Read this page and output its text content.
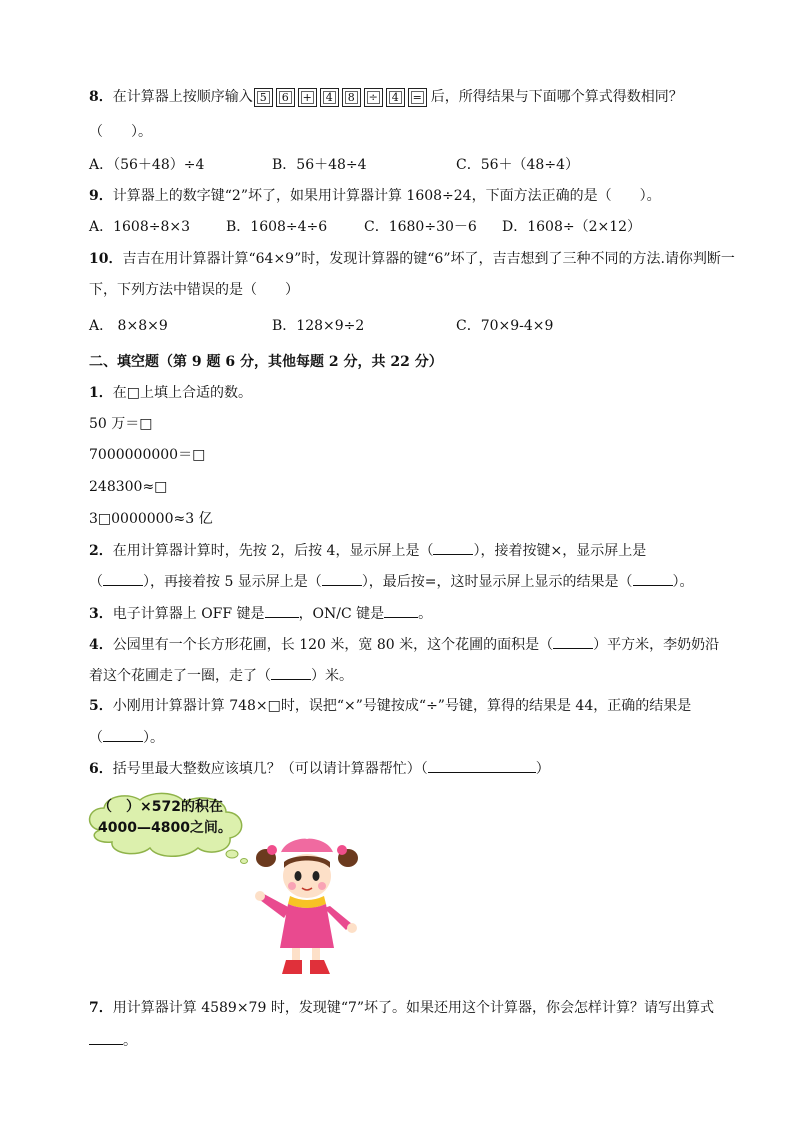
8．在计算器上按顺序输入 5	6	+	4	8	÷	4	= 后，所得结果与下面哪个算式得数相同？
（　　）。
A．（56＋48）÷4	B．56＋48÷4	C．56＋（48÷4）
9．计算器上的数字键“2”坏了，如果用计算器计算 1608÷24，下面方法正确的是（　　）。
A．1608÷8×3	B．1608÷4÷6	C．1680÷30－6 D．1608÷（2×12）
10．吉吉在用计算器计算“64×9”时，发现计算器的键“6”坏了，吉吉想到了三种不同的方法.请你判断一
下，下列方法中错误的是（　　）
A． 8×8×9	B．128×9÷2	C．70×9-4×9
二、填空题（第 9 题 6 分，其他每题 2 分，共 22 分）
1．在□上填上合适的数。
50 万＝□
7000000000＝□
248300≈□
3□0000000≈3 亿
2．在用计算器计算时，先按 2，后按 4，显示屏上是（	），接着按键×，显示屏上是
（	），再接着按 5 显示屏上是（	），最后按=，这时显示屏上显示的结果是（	）。
3．电子计算器上 OFF 键是 ，ON/C 键是 。
4．公园里有一个长方形花圃，长 120 米，宽 80 米，这个花圃的面积是（	）平方米，李奶奶沿
着这个花圃走了一圈，走了（	）米。
5．小刚用计算器计算 748×□时，误把“×”号键按成“÷”号键，算得的结果是 44，正确的结果是
（	）。
6．括号里最大整数应该填几？（可以请计算器帮忙）（	）
（　）×572的积在
4000—4800之间。
7．用计算器计算 4589×79 时，发现键“7”坏了。如果还用这个计算器，你会怎样计算？请写出算式
。
